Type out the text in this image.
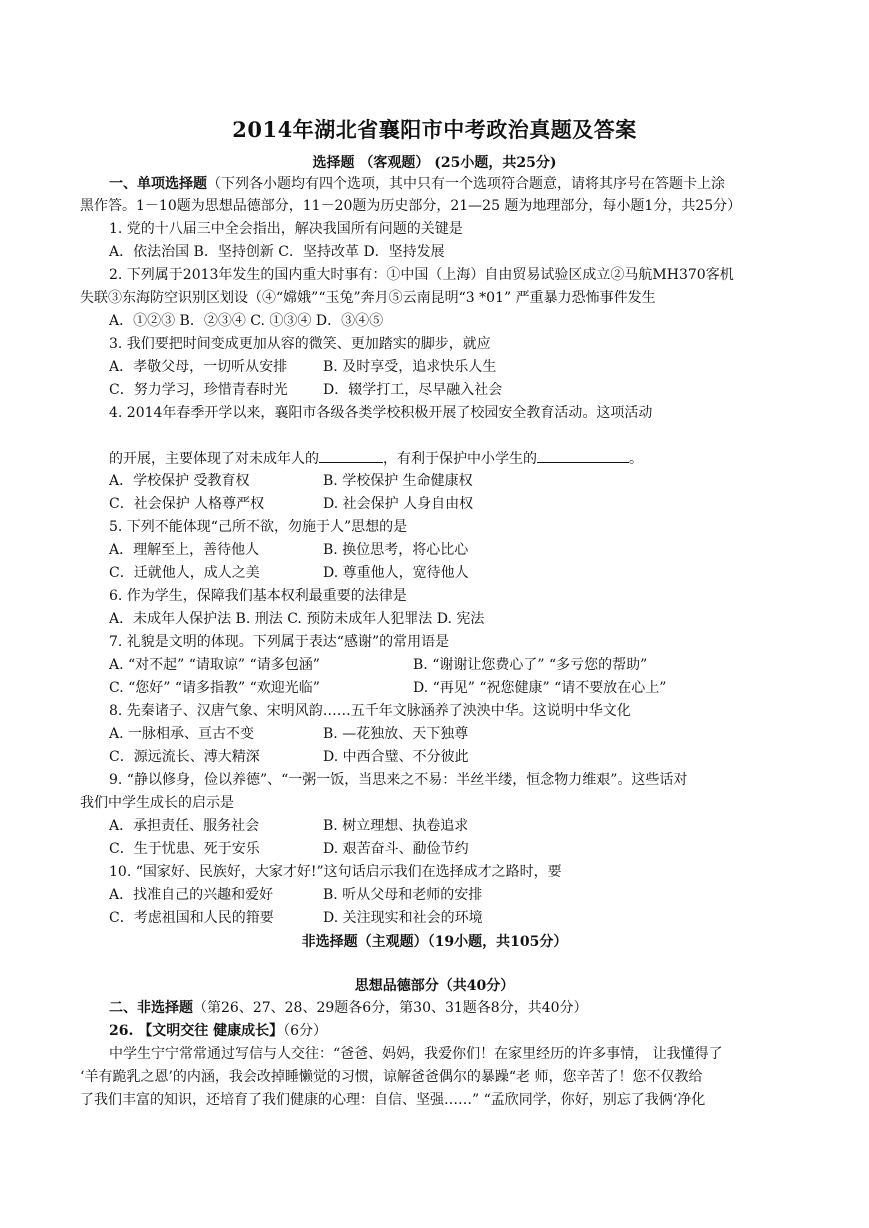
2014年湖北省襄阳市中考政治真题及答案
选择题 （客观题） (25小题，共25分)
一、单项选择题（下列各小题均有四个选项，其中只有一个选项符合题意，请将其序号在答题卡上涂
黑作答。1－10题为思想品德部分，11－20题为历史部分，21—25 题为地理部分，每小题1分，共25分）
1. 党的十八届三中全会指出，解决我国所有问题的关键是
A．依法治国 B．坚持创新 C．坚持改革 D．坚持发展
2. 下列属于2013年发生的国内重大时事有：①中国（上海）自由贸易试验区成立②马航MH370客机
失联③东海防空识别区划设（④“嫦娥”“玉兔”奔月⑤云南昆明“3 *01” 严重暴力恐怖事件发生
A．①②③ B．②③④ C. ①③④ D．③④⑤
3. 我们要把时间变成更加从容的微笑、更加踏实的脚步，就应
A．孝敬父母，一切听从安排	B. 及时享受，追求快乐人生
C．努力学习，珍惜青春时光	D．辍学打工，尽早融入社会
4. 2014年春季开学以来，襄阳市各级各类学校积极开展了校园安全教育活动。这项活动
的开展，主要体现了对未成年人的	，有利于保护中小学生的	。
A．学校保护 受教育权	B. 学校保护 生命健康权
C．社会保护 人格尊严权	D. 社会保护 人身自由权
5. 下列不能体现“己所不欲，勿施于人”思想的是
A．理解至上，善待他人	B. 换位思考，将心比心
C．迁就他人，成人之美	D. 尊重他人，宽待他人
6. 作为学生，保障我们基本权利最重要的法律是
A．未成年人保护法 B. 刑法 C. 预防未成年人犯罪法 D. 宪法
7. 礼貌是文明的体现。下列属于表达“感谢”的常用语是
A. “对不起” “请取谅” “请多包涵”	B. “谢谢让您费心了” “多亏您的帮助”
C. “您好” “请多指教” “欢迎光临”	D. “再见” “祝您健康” “请不要放在心上”
8. 先秦诸子、汉唐气象、宋明风韵……五千年文脉涵养了泱泱中华。这说明中华文化
A. 一脉相承、亘古不变	B. —花独放、天下独尊
C．源远流长、溥大精深	D. 中西合璧、不分彼此
9. “静以修身，俭以养德”、“一粥一饭，当思来之不易：半丝半缕，恒念物力维艰”。这些话对
我们中学生成长的启示是
A．承担责任、服务社会	B. 树立理想、执卷追求
C．生于忧患、死于安乐	D. 艰苦奋斗、勈俭节约
10. “国家好、民族好，大家才好!”这句话启示我们在选择成才之路时，要
A．找准自己的兴趣和爱好	B. 听从父母和老师的安排
C．考虑祖国和人民的箝要	D. 关注现实和社会的环境
非选择题（主观题）（19小题，共105分）
思想品德部分（共40分）
二、非选择题（第26、27、28、29题各6分，第30、31题各8分，共40分）
26. 【文明交往 健康成长】（6分）
中学生宁宁常常通过写信与人交往：“爸爸、妈妈，我爱你们！在家里经历的许多事情， 让我懂得了
‘羊有跪乳之恩’的内涵，我会改掉睡懒觉的习惯，谅解爸爸偶尔的暴躁“老 师，您辛苦了！您不仅教给
了我们丰富的知识，还培育了我们健康的心理：自信、坚强……” “孟欣同学，你好，别忘了我俩‘净化
